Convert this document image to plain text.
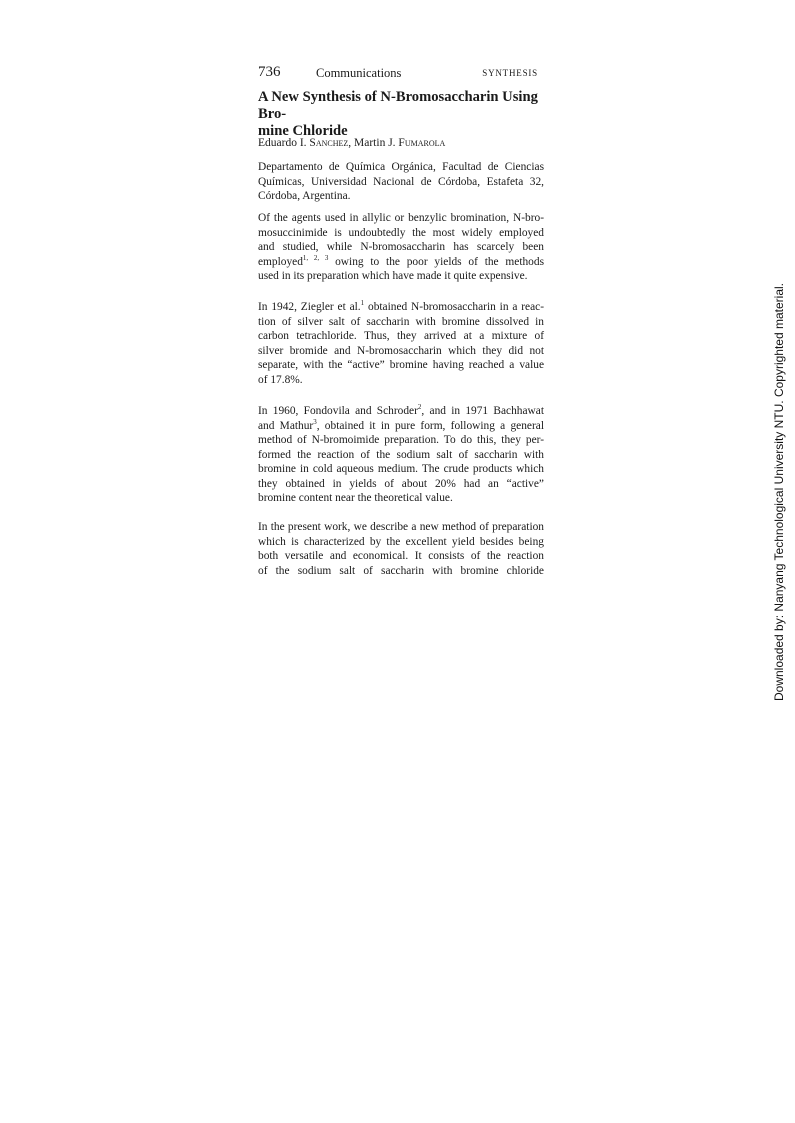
736	Communications	SYNTHESIS
A New Synthesis of N-Bromosaccharin Using Bro-
mine Chloride
Eduardo I. Sanchez, Martin J. Fumarola
Departamento de Química Orgánica, Facultad de Ciencias Químicas, Universidad Nacional de Córdoba, Estafeta 32, Córdoba, Argentina.
Of the agents used in allylic or benzylic bromination, N-bro-
mosuccinimide is undoubtedly the most widely employed
and studied, while N-bromosaccharin has scarcely been
employed$^{1, 2, 3}$ owing to the poor yields of the methods
used in its preparation which have made it quite expensive.
In 1942, Ziegler et al.$^1$ obtained N-bromosaccharin in a reac-
tion of silver salt of saccharin with bromine dissolved in
carbon tetrachloride. Thus, they arrived at a mixture of
silver bromide and N-bromosaccharin which they did not
separate, with the “active” bromine having reached a value
of 17.8%.
In 1960, Fondovila and Schroder$^2$, and in 1971 Bachhawat
and Mathur$^3$, obtained it in pure form, following a general
method of N-bromoimide preparation. To do this, they per-
formed the reaction of the sodium salt of saccharin with
bromine in cold aqueous medium. The crude products which
they obtained in yields of about 20% had an “active”
bromine content near the theoretical value.
In the present work, we describe a new method of preparation
which is characterized by the excellent yield besides being
both versatile and economical. It consists of the reaction
of the sodium salt of saccharin with bromine chloride	Downloaded by: Nanyang Technological University NTU. Copyrighted material.
